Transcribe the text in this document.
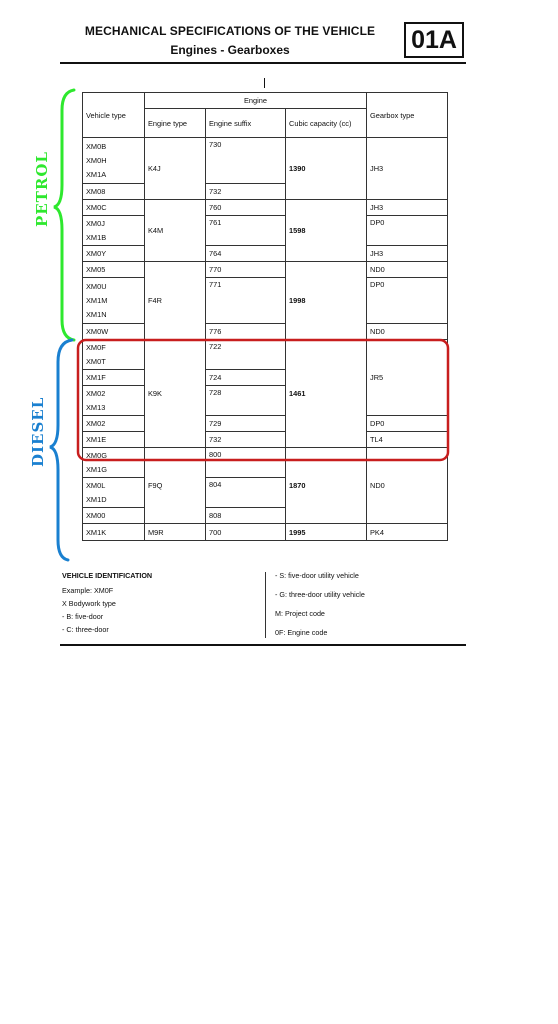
MECHANICAL SPECIFICATIONS OF THE VEHICLE
Engines - Gearboxes	01A
Vehicle type	Engine			Gearbox type
	Engine type	Engine suffix	Cubic capacity (cc)	
XM0B
XM0H
XM1A	K4J	730	1390	JH3
XM08		732		
XM0C	K4M	760	1598	JH3
XM0J
XM1B		761		DP0
XM0Y		764		JH3
XM05	F4R	770	1998	ND0
XM0U
XM1M
XM1N		771		DP0
XM0W		776		ND0
XM0F
XM0T	K9K	722	1461	JR5
XM1F		724		
XM02
XM13		728		
XM02		729		DP0
XM1E		732		TL4
XM0G
XM1G	F9Q	800	1870	ND0
XM0L
XM1D		804		
XM00		808		
XM1K	M9R	700	1995	PK4
VEHICLE IDENTIFICATION
Example: XM0F
X Bodywork type
- B: five-door
- C: three-door
- S: five-door utility vehicle
- G: three-door utility vehicle
M: Project code
0F: Engine code
PETROL
DIESEL
